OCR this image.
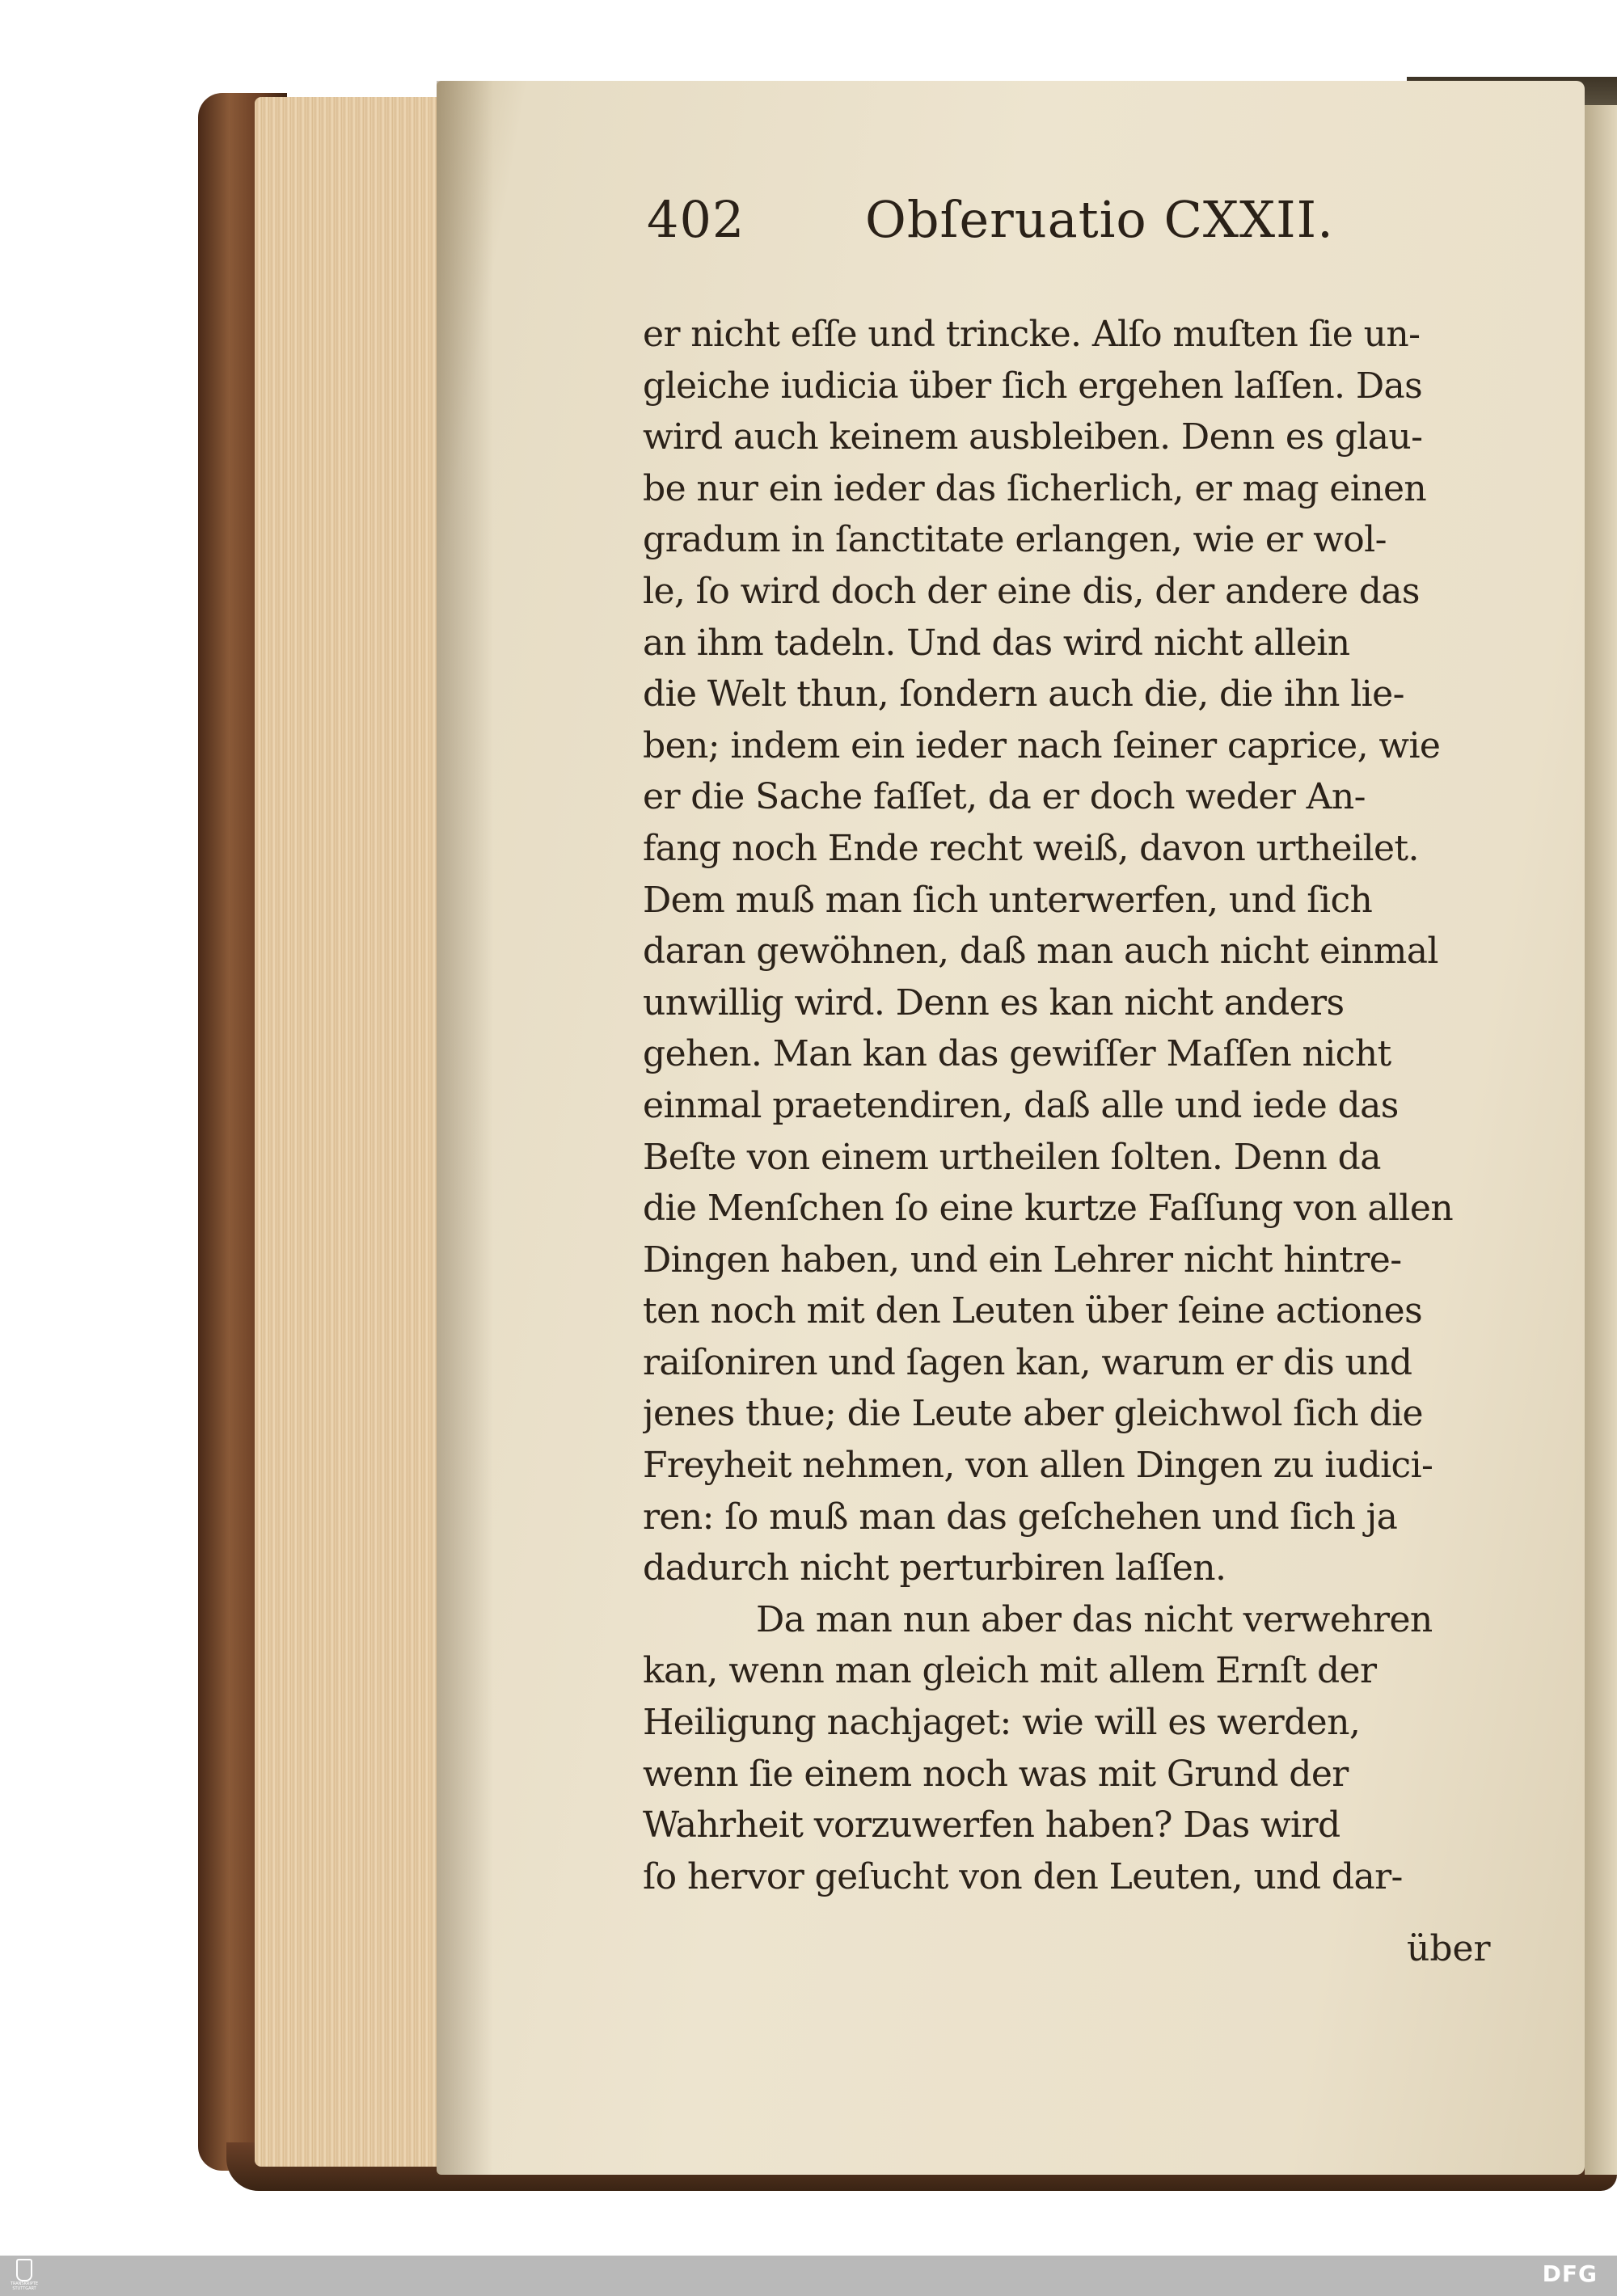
402 Obſeruatio CXXII.
er nicht eſſe und trincke. Alſo muſten ſie un-
gleiche iudicia über ſich ergehen laſſen. Das
wird auch keinem ausbleiben. Denn es glau-
be nur ein ieder das ſicherlich, er mag einen
gradum in ſanctitate erlangen, wie er wol-
le, ſo wird doch der eine dis, der andere das
an ihm tadeln. Und das wird nicht allein
die Welt thun, ſondern auch die, die ihn lie-
ben; indem ein ieder nach ſeiner caprice, wie
er die Sache faſſet, da er doch weder An-
fang noch Ende recht weiß, davon urtheilet.
Dem muß man ſich unterwerfen, und ſich
daran gewöhnen, daß man auch nicht einmal
unwillig wird. Denn es kan nicht anders
gehen. Man kan das gewiſſer Maſſen nicht
einmal praetendiren, daß alle und iede das
Beſte von einem urtheilen ſolten. Denn da
die Menſchen ſo eine kurtze Faſſung von allen
Dingen haben, und ein Lehrer nicht hintre-
ten noch mit den Leuten über ſeine actiones
raiſoniren und ſagen kan, warum er dis und
jenes thue; die Leute aber gleichwol ſich die
Freyheit nehmen, von allen Dingen zu iudici-
ren: ſo muß man das geſchehen und ſich ja
dadurch nicht perturbiren laſſen.
Da man nun aber das nicht verwehren
kan, wenn man gleich mit allem Ernſt der
Heiligung nachjaget: wie will es werden,
wenn ſie einem noch was mit Grund der
Wahrheit vorzuwerfen haben? Das wird
ſo hervor geſucht von den Leuten, und dar-
über
TRANSKRIPTE STUTTGART
DFG
